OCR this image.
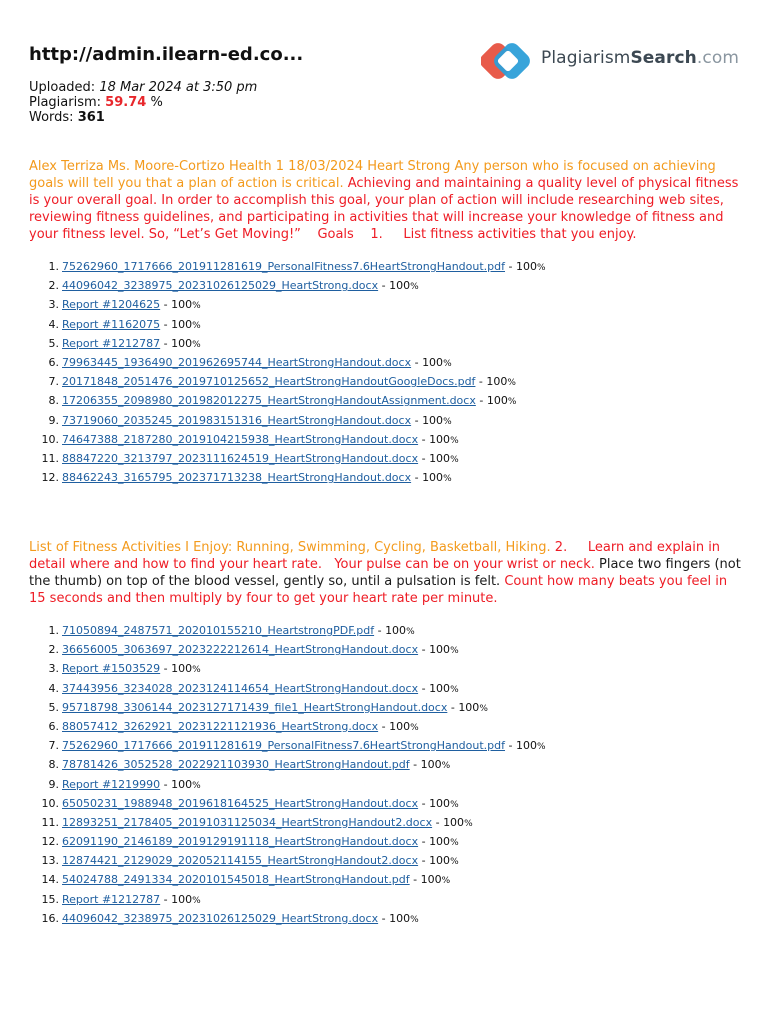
http://admin.ilearn-ed.co...
Uploaded: 18 Mar 2024 at 3:50 pm
Plagiarism: 59.74 %
Words: 361
PlagiarismSearch.com
Alex Terriza Ms. Moore-Cortizo Health 1 18/03/2024 Heart Strong Any person who is focused on achieving goals will tell you that a plan of action is critical. Achieving and maintaining a quality level of physical fitness is your overall goal. In order to accomplish this goal, your plan of action will include researching web sites, reviewing fitness guidelines, and participating in activities that will increase your knowledge of fitness and your fitness level. So, “Let’s Get Moving!”    Goals    1.     List fitness activities that you enjoy.
1. 75262960_1717666_201911281619_PersonalFitness7.6HeartStrongHandout.pdf - 100%
2. 44096042_3238975_20231026125029_HeartStrong.docx - 100%
3. Report #1204625 - 100%
4. Report #1162075 - 100%
5. Report #1212787 - 100%
6. 79963445_1936490_201962695744_HeartStrongHandout.docx - 100%
7. 20171848_2051476_2019710125652_HeartStrongHandoutGoogleDocs.pdf - 100%
8. 17206355_2098980_201982012275_HeartStrongHandoutAssignment.docx - 100%
9. 73719060_2035245_201983151316_HeartStrongHandout.docx - 100%
10. 74647388_2187280_2019104215938_HeartStrongHandout.docx - 100%
11. 88847220_3213797_2023111624519_HeartStrongHandout.docx - 100%
12. 88462243_3165795_202371713238_HeartStrongHandout.docx - 100%
List of Fitness Activities I Enjoy: Running, Swimming, Cycling, Basketball, Hiking. 2.     Learn and explain in detail where and how to find your heart rate.   Your pulse can be on your wrist or neck. Place two fingers (not the thumb) on top of the blood vessel, gently so, until a pulsation is felt. Count how many beats you feel in 15 seconds and then multiply by four to get your heart rate per minute.
1. 71050894_2487571_202010155210_HeartstrongPDF.pdf - 100%
2. 36656005_3063697_2023222212614_HeartStrongHandout.docx - 100%
3. Report #1503529 - 100%
4. 37443956_3234028_2023124114654_HeartStrongHandout.docx - 100%
5. 95718798_3306144_2023127171439_file1_HeartStrongHandout.docx - 100%
6. 88057412_3262921_20231221121936_HeartStrong.docx - 100%
7. 75262960_1717666_201911281619_PersonalFitness7.6HeartStrongHandout.pdf - 100%
8. 78781426_3052528_2022921103930_HeartStrongHandout.pdf - 100%
9. Report #1219990 - 100%
10. 65050231_1988948_2019618164525_HeartStrongHandout.docx - 100%
11. 12893251_2178405_20191031125034_HeartStrongHandout2.docx - 100%
12. 62091190_2146189_2019129191118_HeartStrongHandout.docx - 100%
13. 12874421_2129029_202052114155_HeartStrongHandout2.docx - 100%
14. 54024788_2491334_2020101545018_HeartStrongHandout.pdf - 100%
15. Report #1212787 - 100%
16. 44096042_3238975_20231026125029_HeartStrong.docx - 100%
